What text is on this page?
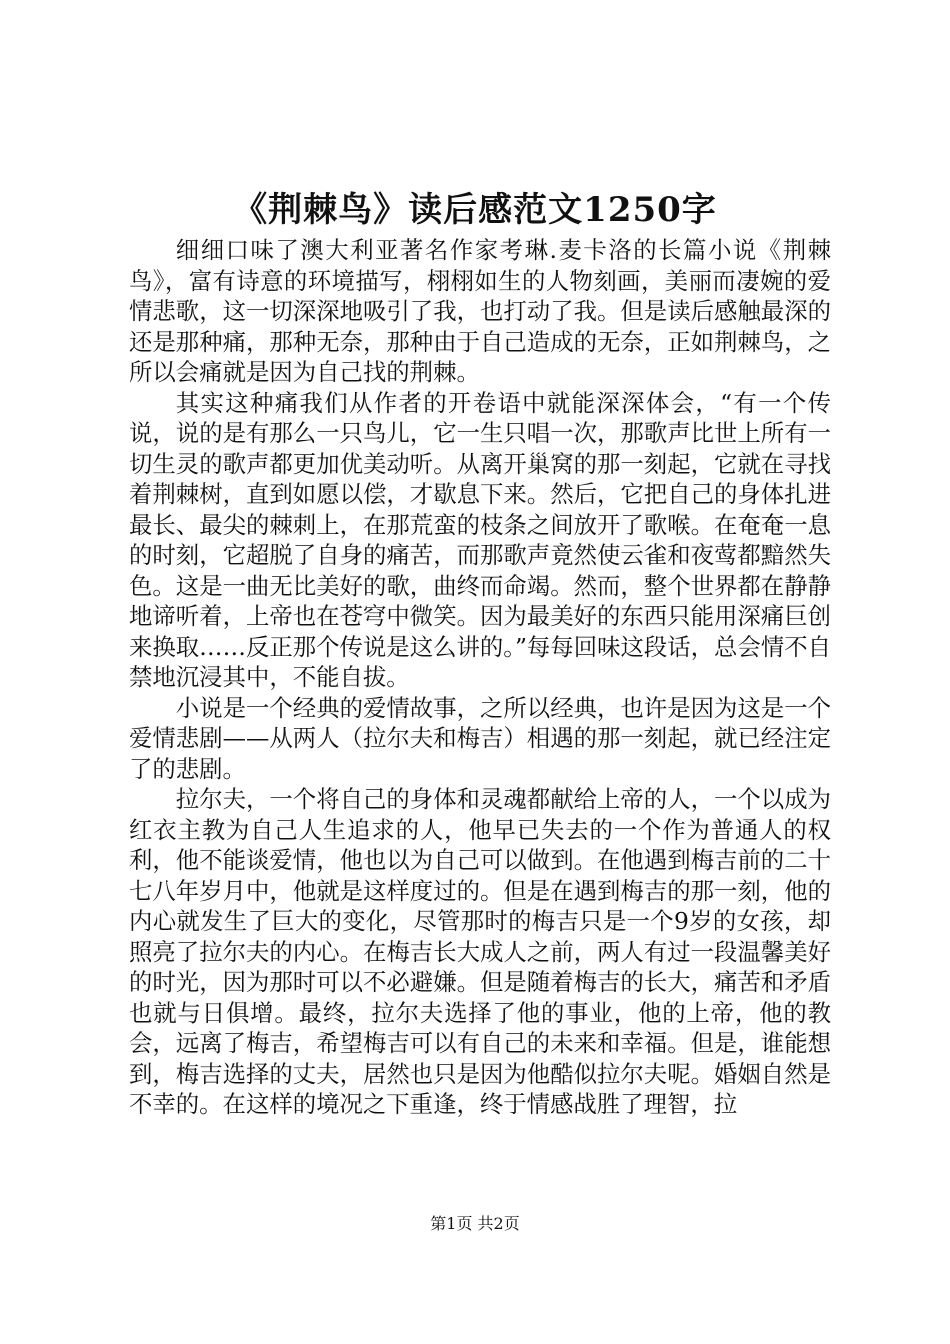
《荆棘鸟》读后感范文1250字

细细口味了澳大利亚著名作家考琳.麦卡洛的长篇小说《荆棘鸟》，富有诗意的环境描写，栩栩如生的人物刻画，美丽而凄婉的爱情悲歌，这一切深深地吸引了我，也打动了我。但是读后感触最深的还是那种痛，那种无奈，那种由于自己造成的无奈，正如荆棘鸟，之所以会痛就是因为自己找的荆棘。

其实这种痛我们从作者的开卷语中就能深深体会，“有一个传说，说的是有那么一只鸟儿，它一生只唱一次，那歌声比世上所有一切生灵的歌声都更加优美动听。从离开巢窝的那一刻起，它就在寻找着荆棘树，直到如愿以偿，才歇息下来。然后，它把自己的身体扎进最长、最尖的棘刺上，在那荒蛮的枝条之间放开了歌喉。在奄奄一息的时刻，它超脱了自身的痛苦，而那歌声竟然使云雀和夜莺都黯然失色。这是一曲无比美好的歌，曲终而命竭。然而，整个世界都在静静地谛听着，上帝也在苍穹中微笑。因为最美好的东西只能用深痛巨创来换取……反正那个传说是这么讲的。”每每回味这段话，总会情不自禁地沉浸其中，不能自拔。

小说是一个经典的爱情故事，之所以经典，也许是因为这是一个爱情悲剧——从两人（拉尔夫和梅吉）相遇的那一刻起，就已经注定了的悲剧。

拉尔夫，一个将自己的身体和灵魂都献给上帝的人，一个以成为红衣主教为自己人生追求的人，他早已失去的一个作为普通人的权利，他不能谈爱情，他也以为自己可以做到。在他遇到梅吉前的二十七八年岁月中，他就是这样度过的。但是在遇到梅吉的那一刻，他的内心就发生了巨大的变化，尽管那时的梅吉只是一个9岁的女孩，却照亮了拉尔夫的内心。在梅吉长大成人之前，两人有过一段温馨美好的时光，因为那时可以不必避嫌。但是随着梅吉的长大，痛苦和矛盾也就与日俱增。最终，拉尔夫选择了他的事业，他的上帝，他的教会，远离了梅吉，希望梅吉可以有自己的未来和幸福。但是，谁能想到，梅吉选择的丈夫，居然也只是因为他酷似拉尔夫呢。婚姻自然是不幸的。在这样的境况之下重逢，终于情感战胜了理智，拉

第1页 共2页
